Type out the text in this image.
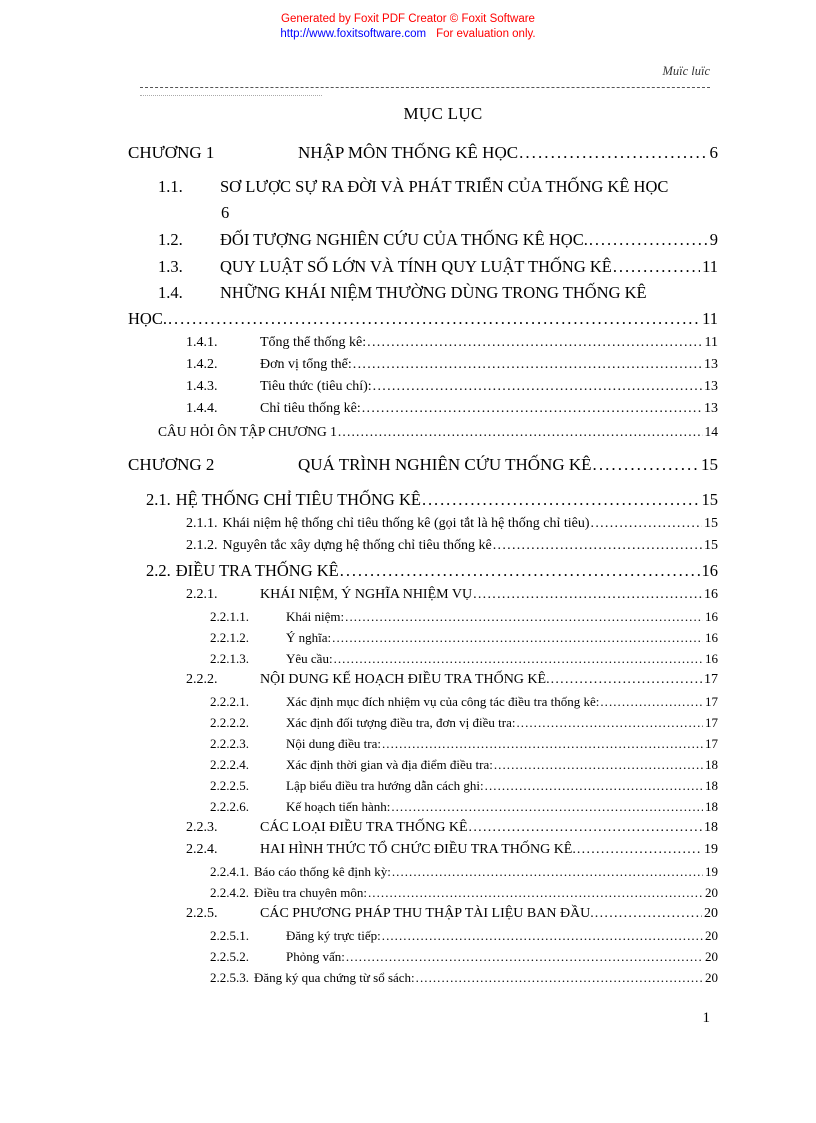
Generated by Foxit PDF Creator © Foxit Software
http://www.foxitsoftware.com For evaluation only.
Muïc luïc
MỤC LỤC
CHƯƠNG 1	NHẬP MÔN THỐNG KÊ HỌC . . .	6
1.1.	SƠ LƯỢC SỰ RA ĐỜI VÀ PHÁT TRIỂN CỦA THỐNG KÊ HỌC
6
1.2.	ĐỐI TƯỢNG NGHIÊN CỨU CỦA THỐNG KÊ HỌC. . . .	9
1.3.	QUY LUẬT SỐ LỚN VÀ TÍNH QUY LUẬT THỐNG KÊ . . .	11
1.4.	NHỮNG KHÁI NIỆM THƯỜNG DÙNG TRONG THỐNG KÊ
HỌC. . . .	11
1.4.1.	Tổng thể thống kê: . . .	11
1.4.2.	Đơn vị tổng thể: . . .	13
1.4.3.	Tiêu thức (tiêu chí): . . .	13
1.4.4.	Chỉ tiêu thống kê: . . .	13
CÂU HỎI ÔN TẬP CHƯƠNG 1 . . .	14
CHƯƠNG 2	QUÁ TRÌNH NGHIÊN CỨU THỐNG KÊ . . .	15
2.1. HỆ THỐNG CHỈ TIÊU THỐNG KÊ . . .	15
2.1.1. Khái niệm hệ thống chỉ tiêu thống kê (gọi tắt là hệ thống chỉ tiêu) . . .	15
2.1.2. Nguyên tắc xây dựng hệ thống chỉ tiêu thống kê . . .	15
2.2. ĐIỀU TRA THỐNG KÊ . . .	16
2.2.1.	KHÁI NIỆM, Ý NGHĨA NHIỆM VỤ . . .	16
2.2.1.1.	Khái niệm: . . .	16
2.2.1.2.	Ý nghĩa: . . .	16
2.2.1.3.	Yêu cầu: . . .	16
2.2.2.	NỘI DUNG KẾ HOẠCH ĐIỀU TRA THỐNG KÊ. . . .	17
2.2.2.1.	Xác định mục đích nhiệm vụ của công tác điều tra thống kê: . . .	17
2.2.2.2.	Xác định đối tượng điều tra, đơn vị điều tra: . . .	17
2.2.2.3.	Nội dung điều tra: . . .	17
2.2.2.4.	Xác định thời gian và địa điểm điều tra: . . .	18
2.2.2.5.	Lập biểu điều tra hướng dẫn cách ghi: . . .	18
2.2.2.6.	Kế hoạch tiến hành: . . .	18
2.2.3.	CÁC LOẠI ĐIỀU TRA THỐNG KÊ . . .	18
2.2.4.	HAI HÌNH THỨC TỔ CHỨC ĐIỀU TRA THỐNG KÊ. . . .	19
2.2.4.1. Báo cáo thống kê định kỳ: . . .	19
2.2.4.2. Điều tra chuyên môn: . . .	20
2.2.5.	CÁC PHƯƠNG PHÁP THU THẬP TÀI LIỆU BAN ĐẦU. . . .	20
2.2.5.1.	Đăng ký trực tiếp: . . .	20
2.2.5.2.	Phỏng vấn: . . .	20
2.2.5.3. Đăng ký qua chứng từ sổ sách: . . .	20
1
